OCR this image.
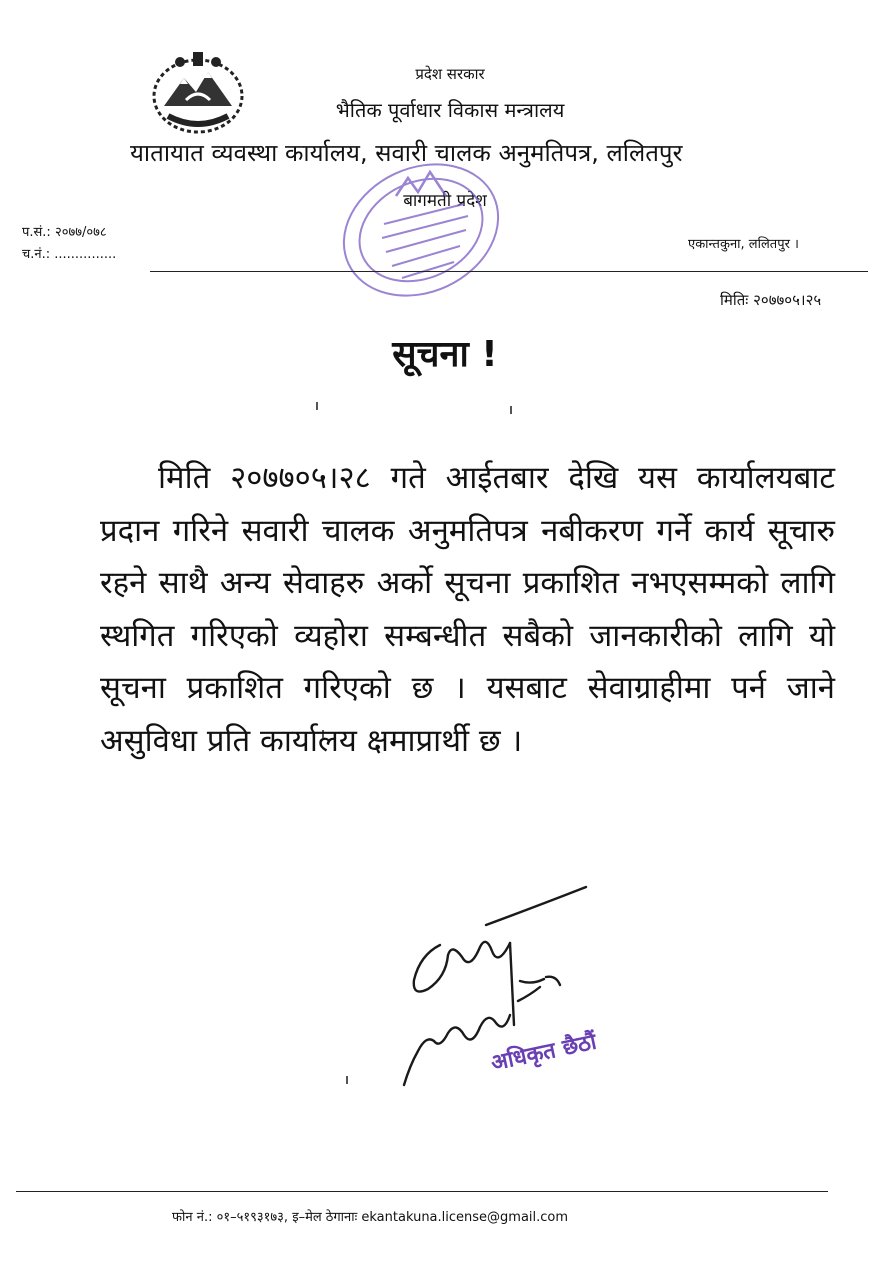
प्रदेश सरकार
भैतिक पूर्वाधार विकास मन्त्रालय
यातायात व्यवस्था कार्यालय, सवारी चालक अनुमतिपत्र, ललितपुर
बागमती प्रदेश
प.सं.: २०७७/०७८
च.नं.: ...............
एकान्तकुना, ललितपुर ।
मितिः २०७७०५।२५
सूचना !
मिति २०७७०५।२८ गते आईतबार देखि यस कार्यालयबाट प्रदान गरिने सवारी चालक अनुमतिपत्र नबीकरण गर्ने कार्य सूचारु रहने साथै अन्य सेवाहरु अर्को सूचना प्रकाशित नभएसम्मको लागि स्थगित गरिएको व्यहोरा सम्बन्धीत सबैको जानकारीको लागि यो सूचना प्रकाशित गरिएको छ । यसबाट सेवाग्राहीमा पर्न जाने असुविधा प्रति कार्यालय क्षमाप्रार्थी छ ।
अधिकृत छैठौं
फोन नं.: ०१–५१९३१७३, इ–मेल ठेगानाः ekantakuna.license@gmail.com
